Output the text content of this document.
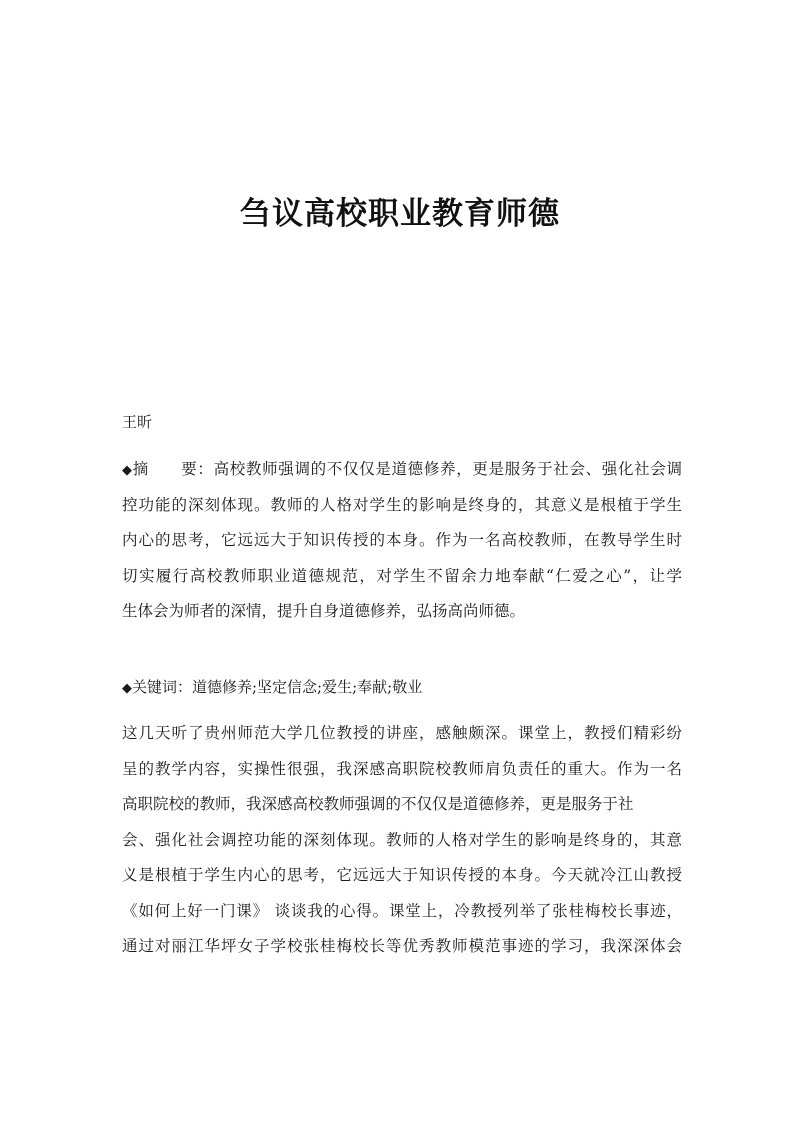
刍议高校职业教育师德
王昕
◆摘　　要：高校教师强调的不仅仅是道德修养，更是服务于社会、强化社会调
控功能的深刻体现。教师的人格对学生的影响是终身的，其意义是根植于学生
内心的思考，它远远大于知识传授的本身。作为一名高校教师，在教导学生时
切实履行高校教师职业道德规范，对学生不留余力地奉献“仁爱之心”，让学
生体会为师者的深情，提升自身道德修养，弘扬高尚师德。
◆关键词：道德修养;坚定信念;爱生;奉献;敬业
这几天听了贵州师范大学几位教授的讲座，感触颇深。课堂上，教授们精彩纷
呈的教学内容，实操性很强，我深感高职院校教师肩负责任的重大。作为一名
高职院校的教师，我深感高校教师强调的不仅仅是道德修养，更是服务于社
会、强化社会调控功能的深刻体现。教师的人格对学生的影响是终身的，其意
义是根植于学生内心的思考，它远远大于知识传授的本身。今天就冷江山教授
《如何上好一门课》 谈谈我的心得。课堂上，冷教授列举了张桂梅校长事迹，
通过对丽江华坪女子学校张桂梅校长等优秀教师模范事迹的学习，我深深体会
